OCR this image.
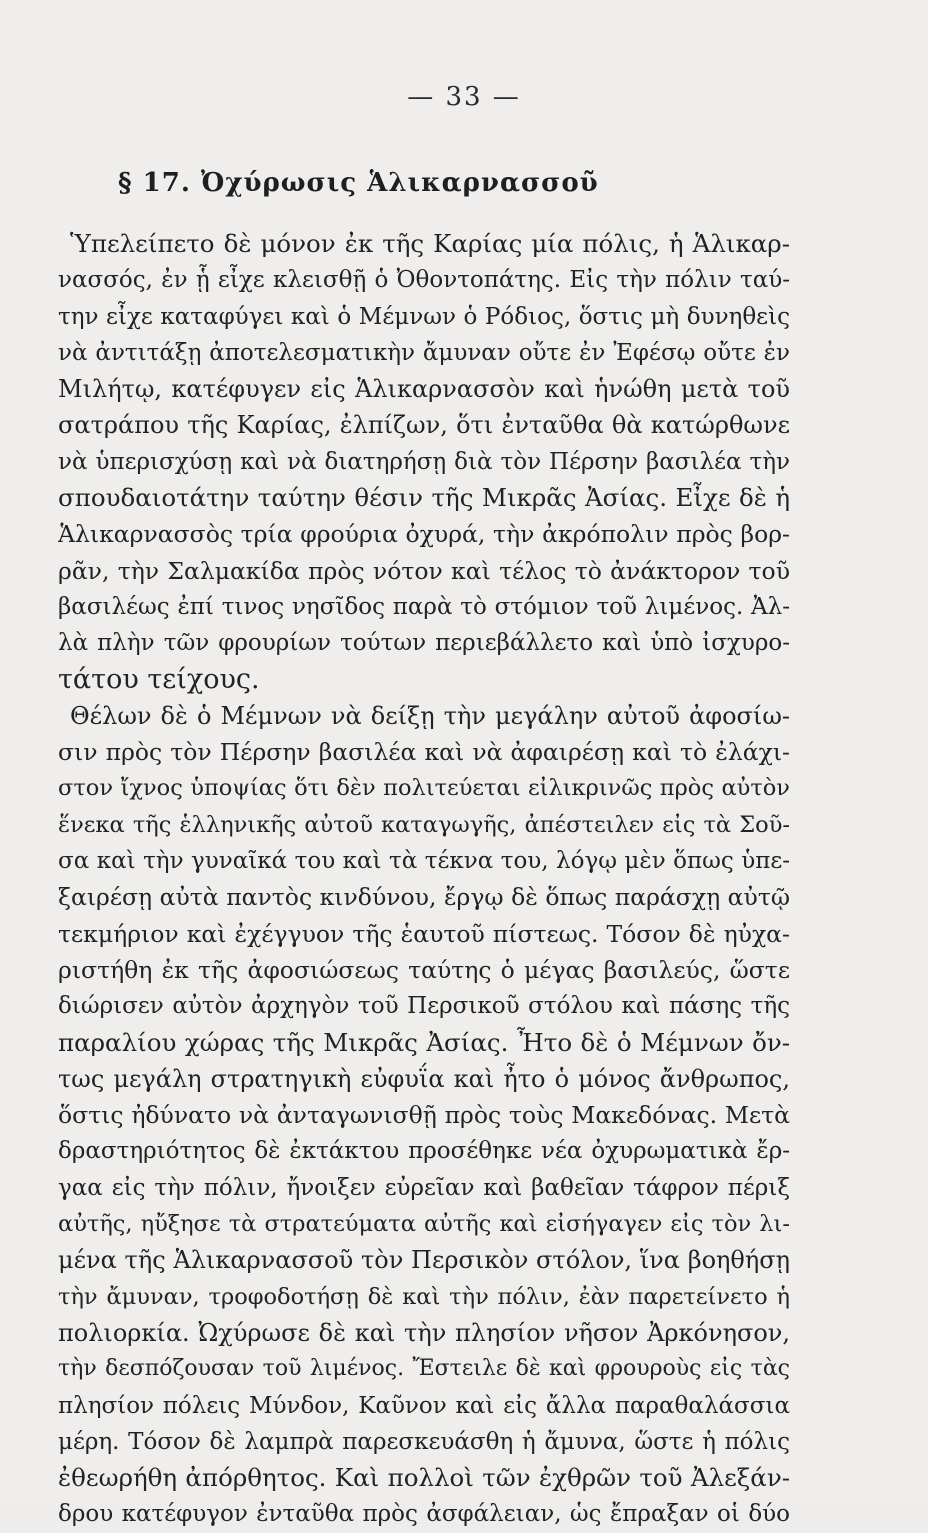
— 33 —
§ 17. Ὀχύρωσις Ἁλικαρνασσοῦ
Ὑπελείπετο δὲ μόνον ἐκ τῆς Καρίας μία πόλις, ἡ Ἁλικαρ-
νασσός, ἐν ᾗ εἶχε κλεισθῇ ὁ Ὀθοντοπάτης. Εἰς τὴν πόλιν ταύ-
την εἶχε καταφύγει καὶ ὁ Μέμνων ὁ Ρόδιος, ὅστις μὴ δυνηθεὶς
νὰ ἀντιτάξῃ ἀποτελεσματικὴν ἄμυναν οὔτε ἐν Ἐφέσῳ οὔτε ἐν
Μιλήτῳ, κατέφυγεν εἰς Ἁλικαρνασσὸν καὶ ἡνώθη μετὰ τοῦ
σατράπου τῆς Καρίας, ἐλπίζων, ὅτι ἐνταῦθα θὰ κατώρθωνε
νὰ ὑπερισχύσῃ καὶ νὰ διατηρήσῃ διὰ τὸν Πέρσην βασιλέα τὴν
σπουδαιοτάτην ταύτην θέσιν τῆς Μικρᾶς Ἀσίας. Εἶχε δὲ ἡ
Ἁλικαρνασσὸς τρία φρούρια ὀχυρά, τὴν ἀκρόπολιν πρὸς βορ-
ρᾶν, τὴν Σαλμακίδα πρὸς νότον καὶ τέλος τὸ ἀνάκτορον τοῦ
βασιλέως ἐπί τινος νησῖδος παρὰ τὸ στόμιον τοῦ λιμένος. Ἀλ-
λὰ πλὴν τῶν φρουρίων τούτων περιεβάλλετο καὶ ὑπὸ ἰσχυρο-
τάτου τείχους.
Θέλων δὲ ὁ Μέμνων νὰ δείξῃ τὴν μεγάλην αὐτοῦ ἀφοσίω-
σιν πρὸς τὸν Πέρσην βασιλέα καὶ νὰ ἀφαιρέσῃ καὶ τὸ ἐλάχι-
στον ἴχνος ὑποψίας ὅτι δὲν πολιτεύεται εἰλικρινῶς πρὸς αὐτὸν
ἕνεκα τῆς ἑλληνικῆς αὐτοῦ καταγωγῆς, ἀπέστειλεν εἰς τὰ Σοῦ-
σα καὶ τὴν γυναῖκά του καὶ τὰ τέκνα του, λόγῳ μὲν ὅπως ὑπε-
ξαιρέσῃ αὐτὰ παντὸς κινδύνου, ἔργῳ δὲ ὅπως παράσχῃ αὐτῷ
τεκμήριον καὶ ἐχέγγυον τῆς ἑαυτοῦ πίστεως. Τόσον δὲ ηὐχα-
ριστήθη ἐκ τῆς ἀφοσιώσεως ταύτης ὁ μέγας βασιλεύς, ὥστε
διώρισεν αὐτὸν ἀρχηγὸν τοῦ Περσικοῦ στόλου καὶ πάσης τῆς
παραλίου χώρας τῆς Μικρᾶς Ἀσίας. Ἦτο δὲ ὁ Μέμνων ὄν-
τως μεγάλη στρατηγικὴ εὐφυΐα καὶ ἦτο ὁ μόνος ἄνθρωπος,
ὅστις ἠδύνατο νὰ ἀνταγωνισθῇ πρὸς τοὺς Μακεδόνας. Μετὰ
δραστηριότητος δὲ ἐκτάκτου προσέθηκε νέα ὀχυρωματικὰ ἔρ-
γαα εἰς τὴν πόλιν, ἤνοιξεν εὐρεῖαν καὶ βαθεῖαν τάφρον πέριξ
αὐτῆς, ηὔξησε τὰ στρατεύματα αὐτῆς καὶ εἰσήγαγεν εἰς τὸν λι-
μένα τῆς Ἁλικαρνασσοῦ τὸν Περσικὸν στόλον, ἵνα βοηθήσῃ
τὴν ἄμυναν, τροφοδοτήσῃ δὲ καὶ τὴν πόλιν, ἐὰν παρετείνετο ἡ
πολιορκία. Ὠχύρωσε δὲ καὶ τὴν πλησίον νῆσον Ἀρκόνησον,
τὴν δεσπόζουσαν τοῦ λιμένος. Ἔστειλε δὲ καὶ φρουροὺς εἰς τὰς
πλησίον πόλεις Μύνδον, Καῦνον καὶ εἰς ἄλλα παραθαλάσσια
μέρη. Τόσον δὲ λαμπρὰ παρεσκευάσθη ἡ ἄμυνα, ὥστε ἡ πόλις
ἐθεωρήθη ἀπόρθητος. Καὶ πολλοὶ τῶν ἐχθρῶν τοῦ Ἀλεξάν-
δρου κατέφυγον ἐνταῦθα πρὸς ἀσφάλειαν, ὡς ἔπραξαν οἱ δύο
